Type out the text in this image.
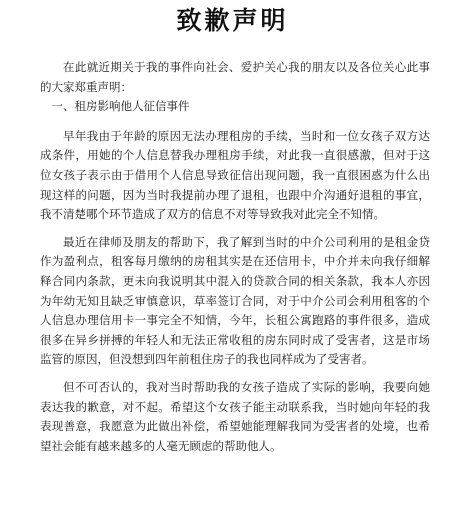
致歉声明

在此就近期关于我的事件向社会、爱护关心我的朋友以及各位关心此事的大家郑重声明：

一、租房影响他人征信事件

早年我由于年龄的原因无法办理租房的手续，当时和一位女孩子双方达成条件，用她的个人信息替我办理租房手续，对此我一直很感激，但对于这位女孩子表示由于借用个人信息导致征信出现问题，我一直很困惑为什么出现这样的问题，因为当时我提前办理了退租，也跟中介沟通好退租的事宜，我不清楚哪个环节造成了双方的信息不对等导致我对此完全不知情。

最近在律师及朋友的帮助下，我了解到当时的中介公司利用的是租金贷作为盈利点，租客每月缴纳的房租其实是在还信用卡，中介并未向我仔细解释合同内条款，更未向我说明其中混入的贷款合同的相关条款，我本人亦因为年幼无知且缺乏审慎意识，草率签订合同，对于中介公司会利用租客的个人信息办理信用卡一事完全不知情，今年，长租公寓跑路的事件很多，造成很多在异乡拼搏的年轻人和无法正常收租的房东同时成了受害者，这是市场监管的原因，但没想到四年前租住房子的我也同样成为了受害者。

但不可否认的，我对当时帮助我的女孩子造成了实际的影响，我要向她表达我的歉意，对不起。希望这个女孩子能主动联系我，当时她向年轻的我表现善意，我愿意为此做出补偿，希望她能理解我同为受害者的处境，也希望社会能有越来越多的人毫无顾虑的帮助他人。
